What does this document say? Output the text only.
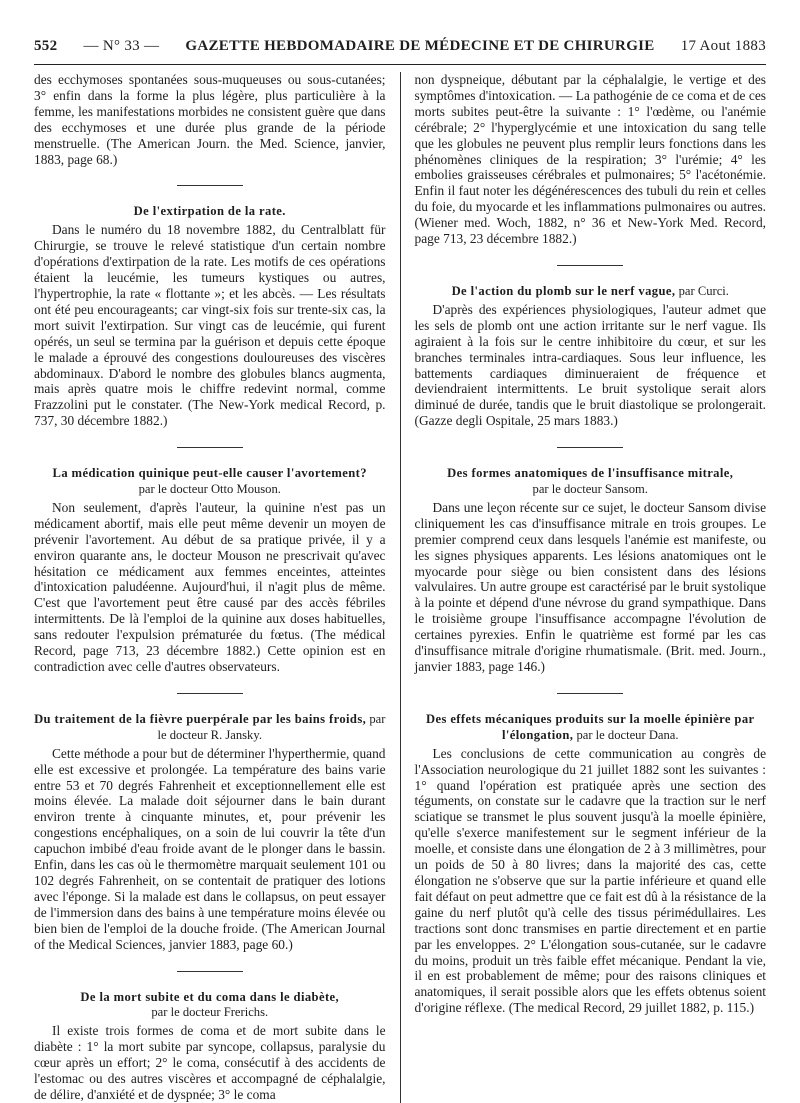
552 — N° 33 — GAZETTE HEBDOMADAIRE DE MÉDECINE ET DE CHIRURGIE 17 Aout 1883

des ecchymoses spontanées sous-muqueuses ou sous-cutanées; 3° enfin dans la forme la plus légère, plus particulière à la femme, les manifestations morbides ne consistent guère que dans des ecchymoses et une durée plus grande de la période menstruelle. (The American Journ. the Med. Science, janvier, 1883, page 68.)

De l'extirpation de la rate.

Dans le numéro du 18 novembre 1882, du Centralblatt für Chirurgie, se trouve le relevé statistique d'un certain nombre d'opérations d'extirpation de la rate. Les motifs de ces opérations étaient la leucémie, les tumeurs kystiques ou autres, l'hypertrophie, la rate « flottante »; et les abcès. — Les résultats ont été peu encourageants; car vingt-six fois sur trente-six cas, la mort suivit l'extirpation. Sur vingt cas de leucémie, qui furent opérés, un seul se termina par la guérison et depuis cette époque le malade a éprouvé des congestions douloureuses des viscères abdominaux. D'abord le nombre des globules blancs augmenta, mais après quatre mois le chiffre redevint normal, comme Frazzolini put le constater. (The New-York medical Record, p. 737, 30 décembre 1882.)

La médication quinique peut-elle causer l'avortement?
par le docteur Otto Mouson.

Non seulement, d'après l'auteur, la quinine n'est pas un médicament abortif, mais elle peut même devenir un moyen de prévenir l'avortement. Au début de sa pratique privée, il y a environ quarante ans, le docteur Mouson ne prescrivait qu'avec hésitation ce médicament aux femmes enceintes, atteintes d'intoxication paludéenne. Aujourd'hui, il n'agit plus de même. C'est que l'avortement peut être causé par des accès fébriles intermittents. De là l'emploi de la quinine aux doses habituelles, sans redouter l'expulsion prématurée du fœtus. (The médical Record, page 713, 23 décembre 1882.) Cette opinion est en contradiction avec celle d'autres observateurs.

Du traitement de la fièvre puerpérale par les bains froids, par le docteur R. Jansky.

Cette méthode a pour but de déterminer l'hyperthermie, quand elle est excessive et prolongée. La température des bains varie entre 53 et 70 degrés Fahrenheit et exceptionnellement elle est moins élevée. La malade doit séjourner dans le bain durant environ trente à cinquante minutes, et, pour prévenir les congestions encéphaliques, on a soin de lui couvrir la tête d'un capuchon imbibé d'eau froide avant de le plonger dans le bassin. Enfin, dans les cas où le thermomètre marquait seulement 101 ou 102 degrés Fahrenheit, on se contentait de pratiquer des lotions avec l'éponge. Si la malade est dans le collapsus, on peut essayer de l'immersion dans des bains à une température moins élevée ou bien bien de l'emploi de la douche froide. (The American Journal of the Medical Sciences, janvier 1883, page 60.)

De la mort subite et du coma dans le diabète,
par le docteur Frerichs.

Il existe trois formes de coma et de mort subite dans le diabète : 1° la mort subite par syncope, collapsus, paralysie du cœur après un effort; 2° le coma, consécutif à des accidents de l'estomac ou des autres viscères et accompagné de céphalalgie, de délire, d'anxiété et de dyspnée; 3° le coma

non dyspneique, débutant par la céphalalgie, le vertige et des symptômes d'intoxication. — La pathogénie de ce coma et de ces morts subites peut-être la suivante : 1° l'œdème, ou l'anémie cérébrale; 2° l'hyperglycémie et une intoxication du sang telle que les globules ne peuvent plus remplir leurs fonctions dans les phénomènes cliniques de la respiration; 3° l'urémie; 4° les embolies graisseuses cérébrales et pulmonaires; 5° l'acétonémie. Enfin il faut noter les dégénérescences des tubuli du rein et celles du foie, du myocarde et les inflammations pulmonaires ou autres. (Wiener med. Woch, 1882, n° 36 et New-York Med. Record, page 713, 23 décembre 1882.)

De l'action du plomb sur le nerf vague, par Curci.

D'après des expériences physiologiques, l'auteur admet que les sels de plomb ont une action irritante sur le nerf vague. Ils agiraient à la fois sur le centre inhibitoire du cœur, et sur les branches terminales intra-cardiaques. Sous leur influence, les battements cardiaques diminueraient de fréquence et deviendraient intermittents. Le bruit systolique serait alors diminué de durée, tandis que le bruit diastolique se prolongerait. (Gazze degli Ospitale, 25 mars 1883.)

Des formes anatomiques de l'insuffisance mitrale,
par le docteur Sansom.

Dans une leçon récente sur ce sujet, le docteur Sansom divise cliniquement les cas d'insuffisance mitrale en trois groupes. Le premier comprend ceux dans lesquels l'anémie est manifeste, ou les signes physiques apparents. Les lésions anatomiques ont le myocarde pour siège ou bien consistent dans des lésions valvulaires. Un autre groupe est caractérisé par le bruit systolique à la pointe et dépend d'une névrose du grand sympathique. Dans le troisième groupe l'insuffisance accompagne l'évolution de certaines pyrexies. Enfin le quatrième est formé par les cas d'insuffisance mitrale d'origine rhumatismale. (Brit. med. Journ., janvier 1883, page 146.)

Des effets mécaniques produits sur la moelle épinière par l'élongation, par le docteur Dana.

Les conclusions de cette communication au congrès de l'Association neurologique du 21 juillet 1882 sont les suivantes : 1° quand l'opération est pratiquée après une section des téguments, on constate sur le cadavre que la traction sur le nerf sciatique se transmet le plus souvent jusqu'à la moelle épinière, qu'elle s'exerce manifestement sur le segment inférieur de la moelle, et consiste dans une élongation de 2 à 3 millimètres, pour un poids de 50 à 80 livres; dans la majorité des cas, cette élongation ne s'observe que sur la partie inférieure et quand elle fait défaut on peut admettre que ce fait est dû à la résistance de la gaine du nerf plutôt qu'à celle des tissus périmédullaires. Les tractions sont donc transmises en partie directement et en partie par les enveloppes. 2° L'élongation sous-cutanée, sur le cadavre du moins, produit un très faible effet mécanique. Pendant la vie, il en est probablement de même; pour des raisons cliniques et anatomiques, il serait possible alors que les effets obtenus soient d'origine réflexe. (The medical Record, 29 juillet 1882, p. 115.)
